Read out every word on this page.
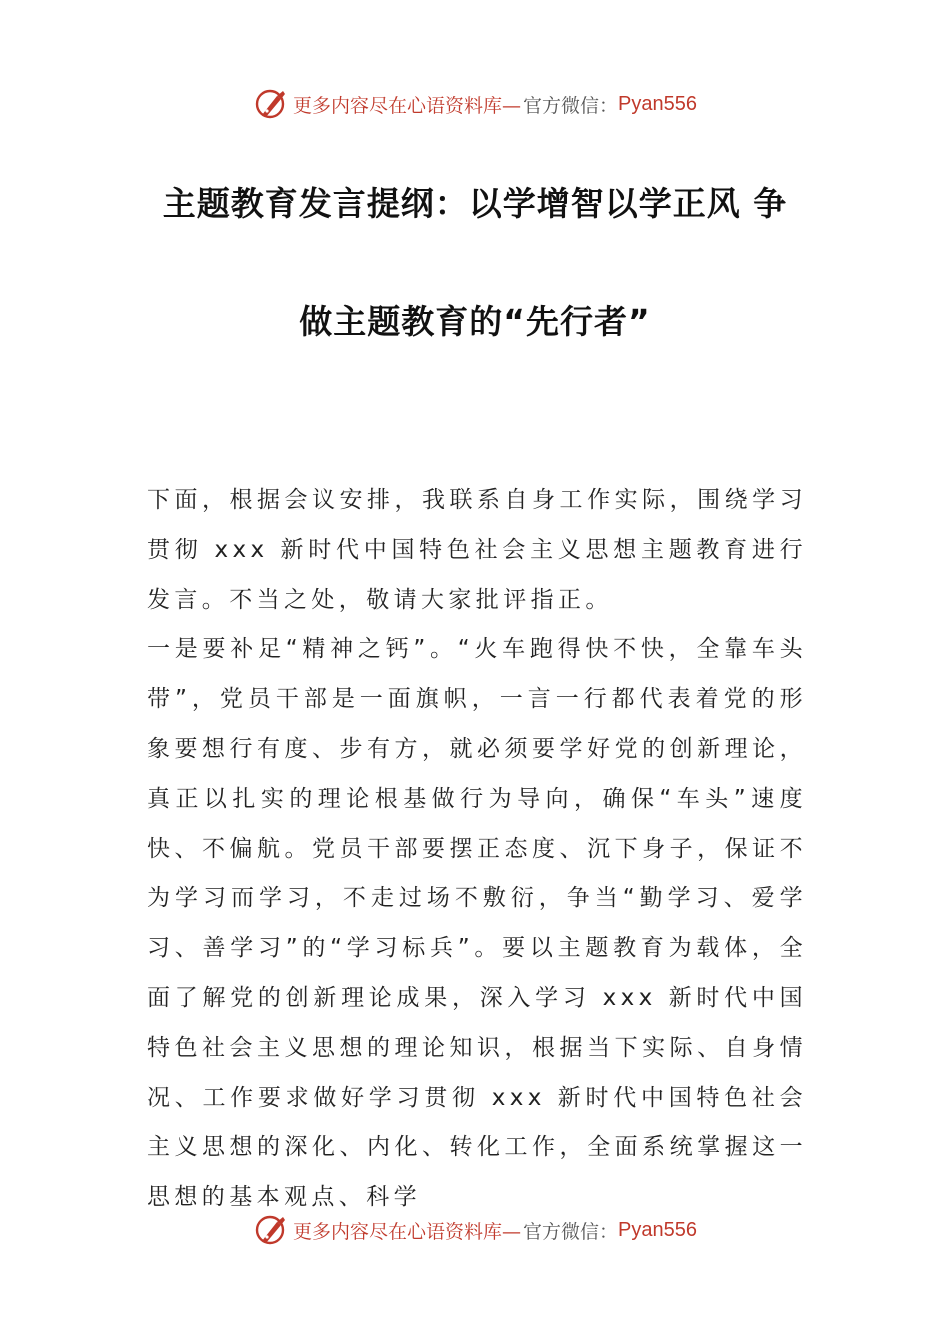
更多内容尽在心语资料库— 官方微信： Pyan556
主题教育发言提纲：以学增智以学正风 争
做主题教育的“先行者”

下面，根据会议安排，我联系自身工作实际，围绕学习贯彻 xxx 新时代中国特色社会主义思想主题教育进行发言。不当之处，敬请大家批评指正。

一是要补足“精神之钙”。“火车跑得快不快，全靠车头带”，党员干部是一面旗帜，一言一行都代表着党的形象要想行有度、步有方，就必须要学好党的创新理论，真正以扎实的理论根基做行为导向，确保“车头”速度快、不偏航。党员干部要摆正态度、沉下身子，保证不为学习而学习，不走过场不敷衍，争当“勤学习、爱学习、善学习”的“学习标兵”。要以主题教育为载体，全面了解党的创新理论成果，深入学习 xxx 新时代中国特色社会主义思想的理论知识，根据当下实际、自身情况、工作要求做好学习贯彻 xxx 新时代中国特色社会主义思想的深化、内化、转化工作，全面系统掌握这一思想的基本观点、科学

更多内容尽在心语资料库— 官方微信： Pyan556
